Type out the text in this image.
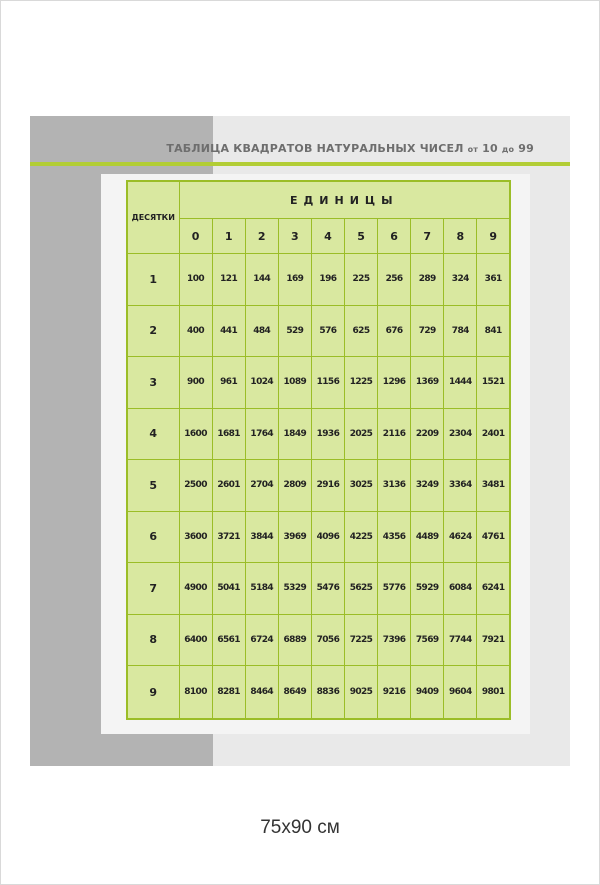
ТАБЛИЦА КВАДРАТОВ НАТУРАЛЬНЫХ ЧИСЕЛ от 10 до 99
ДЕСЯТКИ	ЕДИНИЦЫ									
	0	1	2	3	4	5	6	7	8	9
1	100	121	144	169	196	225	256	289	324	361
2	400	441	484	529	576	625	676	729	784	841
3	900	961	1024	1089	1156	1225	1296	1369	1444	1521
4	1600	1681	1764	1849	1936	2025	2116	2209	2304	2401
5	2500	2601	2704	2809	2916	3025	3136	3249	3364	3481
6	3600	3721	3844	3969	4096	4225	4356	4489	4624	4761
7	4900	5041	5184	5329	5476	5625	5776	5929	6084	6241
8	6400	6561	6724	6889	7056	7225	7396	7569	7744	7921
9	8100	8281	8464	8649	8836	9025	9216	9409	9604	9801
75x90 см
